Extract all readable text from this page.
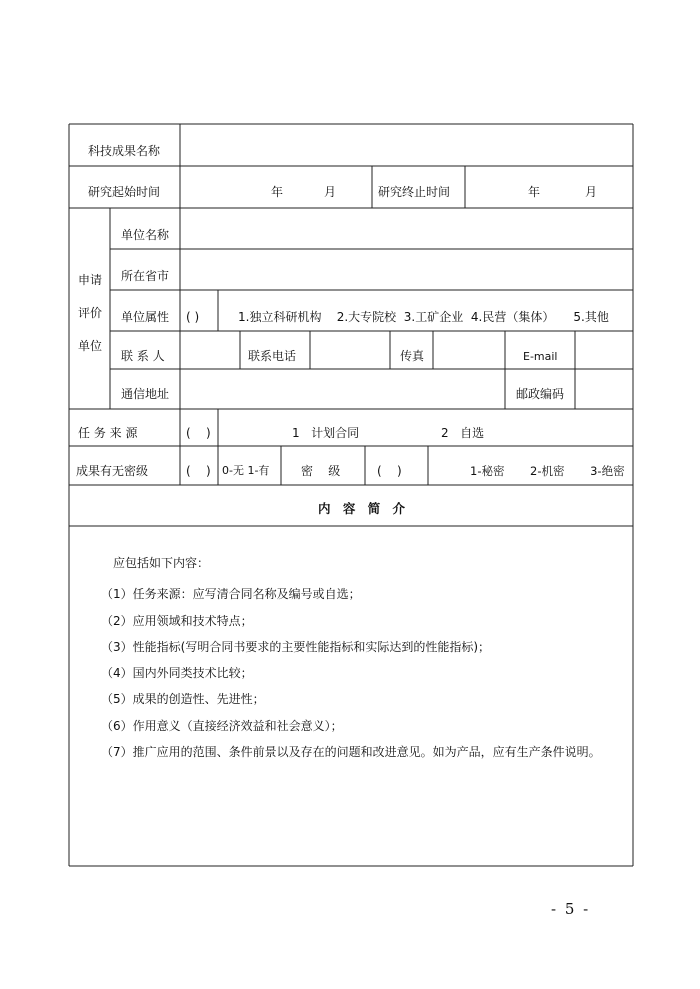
科技成果名称
研究起始时间	年	月	研究终止时间	年	月
申请
评价
单位
单位名称
所在省市
单位属性 ( )	1.独立科研机构    2.大专院校  3.工矿企业  4.民营（集体）     5.其他
联 系 人	联系电话	传真	E-mail
通信地址	邮政编码
任 务 来 源	(    )	1   计划合同	2   自选
成果有无密级	(    ) 0-无 1-有	密    级	(    )	1-秘密       2-机密       3-绝密
内 容 简 介
应包括如下内容：
（1）任务来源：应写清合同名称及编号或自选；
（2）应用领域和技术特点；
（3）性能指标(写明合同书要求的主要性能指标和实际达到的性能指标)；
（4）国内外同类技术比较；
（5）成果的创造性、先进性；
（6）作用意义（直接经济效益和社会意义）；
（7）推广应用的范围、条件前景以及存在的问题和改进意见。如为产品，应有生产条件说明。
- 5 -
